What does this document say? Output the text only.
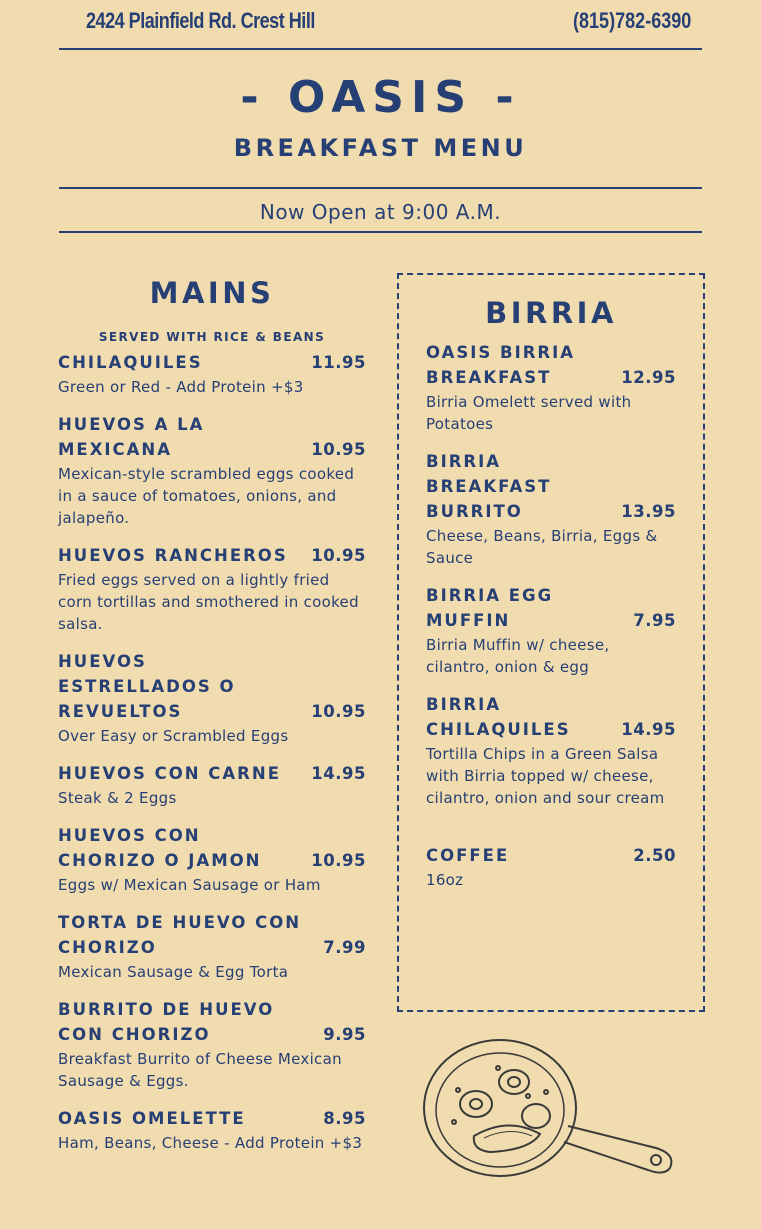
2424 Plainfield Rd. Crest Hill	(815)782-6390
- OASIS -
BREAKFAST MENU
Now Open at 9:00 A.M.
MAINS
SERVED WITH RICE & BEANS
CHILAQUILES	11.95
Green or Red - Add Protein +$3
HUEVOS A LA MEXICANA	10.95
Mexican-style scrambled eggs cooked in a sauce of tomatoes, onions, and jalapeño.
HUEVOS RANCHEROS	10.95
Fried eggs served on a lightly fried corn tortillas and smothered in cooked salsa.
HUEVOS ESTRELLADOS O REVUELTOS	10.95
Over Easy or Scrambled Eggs
HUEVOS CON CARNE	14.95
Steak & 2 Eggs
HUEVOS CON CHORIZO O JAMON	10.95
Eggs w/ Mexican Sausage or Ham
TORTA DE HUEVO CON CHORIZO	7.99
Mexican Sausage & Egg Torta
BURRITO DE HUEVO CON CHORIZO	9.95
Breakfast Burrito of Cheese Mexican Sausage & Eggs.
OASIS OMELETTE	8.95
Ham, Beans, Cheese - Add Protein +$3
BIRRIA
OASIS BIRRIA BREAKFAST	12.95
Birria Omelett served with Potatoes
BIRRIA BREAKFAST BURRITO	13.95
Cheese, Beans, Birria, Eggs & Sauce
BIRRIA EGG MUFFIN	7.95
Birria Muffin w/ cheese, cilantro, onion & egg
BIRRIA CHILAQUILES	14.95
Tortilla Chips in a Green Salsa with Birria topped w/ cheese, cilantro, onion and sour cream
COFFEE	2.50
16oz
